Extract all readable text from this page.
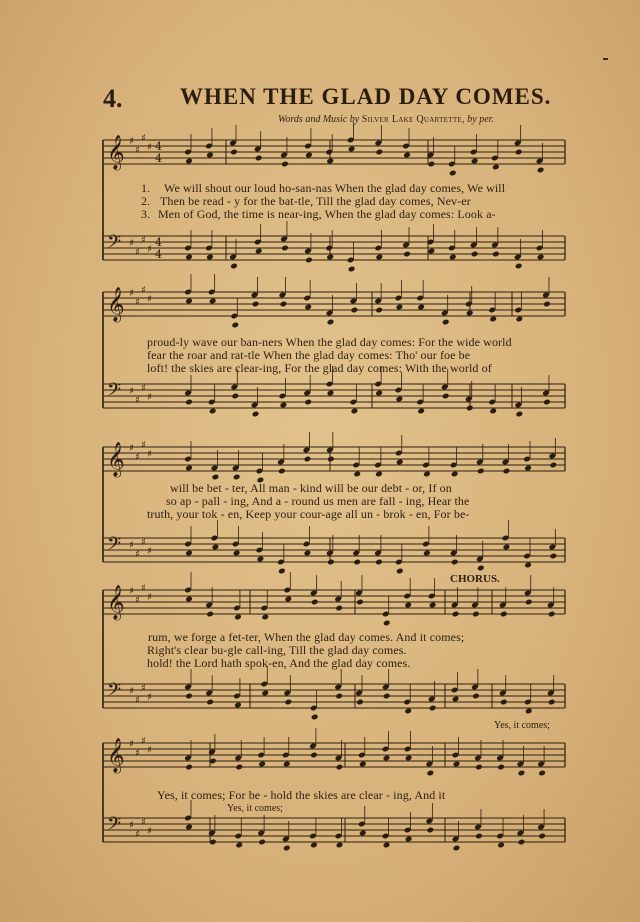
4.	WHEN THE GLAD DAY COMES.
Words and Music by Silver Lake Quartette, by per.
𝄞 ♯
♯
♯
♯
𝄢 ♯
♯
♯
♯
4
4
4
4
𝄞 ♯
♯
♯
♯
𝄢 ♯
♯
♯
♯
𝄞 ♯
♯
♯
♯
𝄢 ♯
♯
♯
♯
𝄞 ♯
♯
♯
♯
𝄢 ♯
♯
♯
♯
𝄞 ♯
♯
♯
♯
𝄢 ♯
♯
♯
♯
1.
2.
3.
We will shout our loud ho-san-nas When the glad day comes, We will
Then be read - y for the bat-tle, Till the glad day comes, Nev-er
Men of God, the time is near-ing, When the glad day comes: Look a-
proud-ly wave our ban-ners When the glad day comes: For the wide world
fear the roar and rat-tle When the glad day comes: Tho' our foe be
loft! the skies are clear-ing, For the glad day comes: With the world of
will be bet - ter, All man - kind will be our debt - or, If on
so ap - pall - ing, And a - round us men are fall - ing, Hear the
truth, your tok - en, Keep your cour-age all un - brok - en, For be-
CHORUS.
rum, we forge a fet-ter, When the glad day comes. And it comes;
Right's clear bu-gle call-ing, Till the glad day comes.
hold! the Lord hath spok-en, And the glad day comes.
Yes, it comes;
Yes, it comes; For be - hold the skies are clear - ing, And it
Yes, it comes;
